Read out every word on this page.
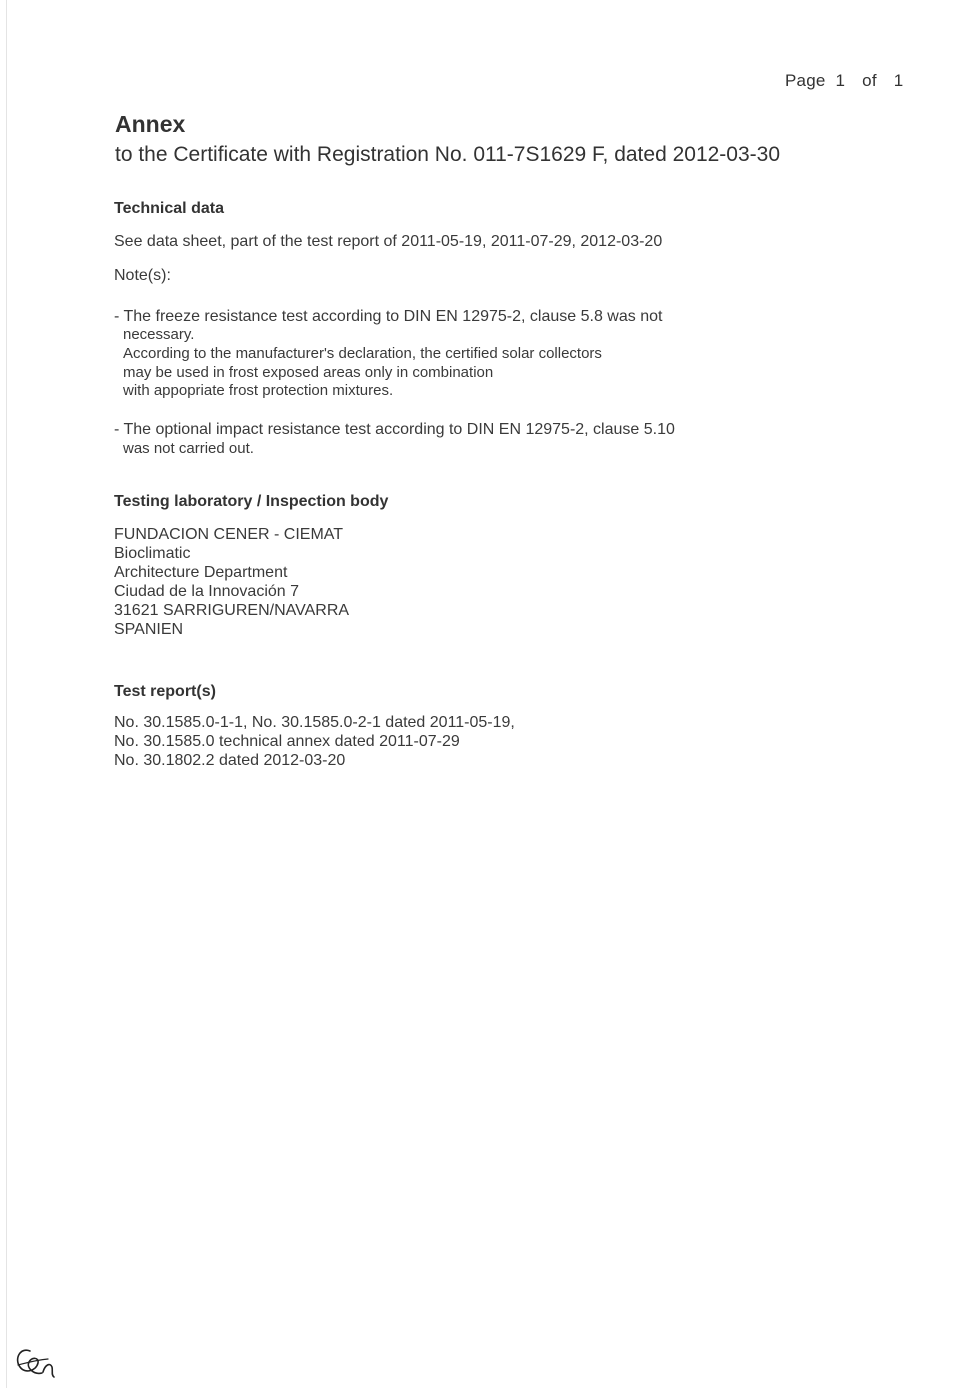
Page 1 of 1
Annex
to the Certificate with Registration No. 011-7S1629 F, dated 2012-03-30
Technical data
See data sheet, part of the test report of 2011-05-19, 2011-07-29, 2012-03-20
Note(s):
- The freeze resistance test according to DIN EN 12975-2, clause 5.8 was not
necessary.
According to the manufacturer's declaration, the certified solar collectors
may be used in frost exposed areas only in combination
with appopriate frost protection mixtures.
- The optional impact resistance test according to DIN EN 12975-2, clause 5.10
was not carried out.
Testing laboratory / Inspection body
FUNDACION CENER - CIEMAT
Bioclimatic
Architecture Department
Ciudad de la Innovación 7
31621 SARRIGUREN/NAVARRA
SPANIEN
Test report(s)
No. 30.1585.0-1-1, No. 30.1585.0-2-1 dated 2011-05-19,
No. 30.1585.0 technical annex dated 2011-07-29
No. 30.1802.2 dated 2012-03-20
